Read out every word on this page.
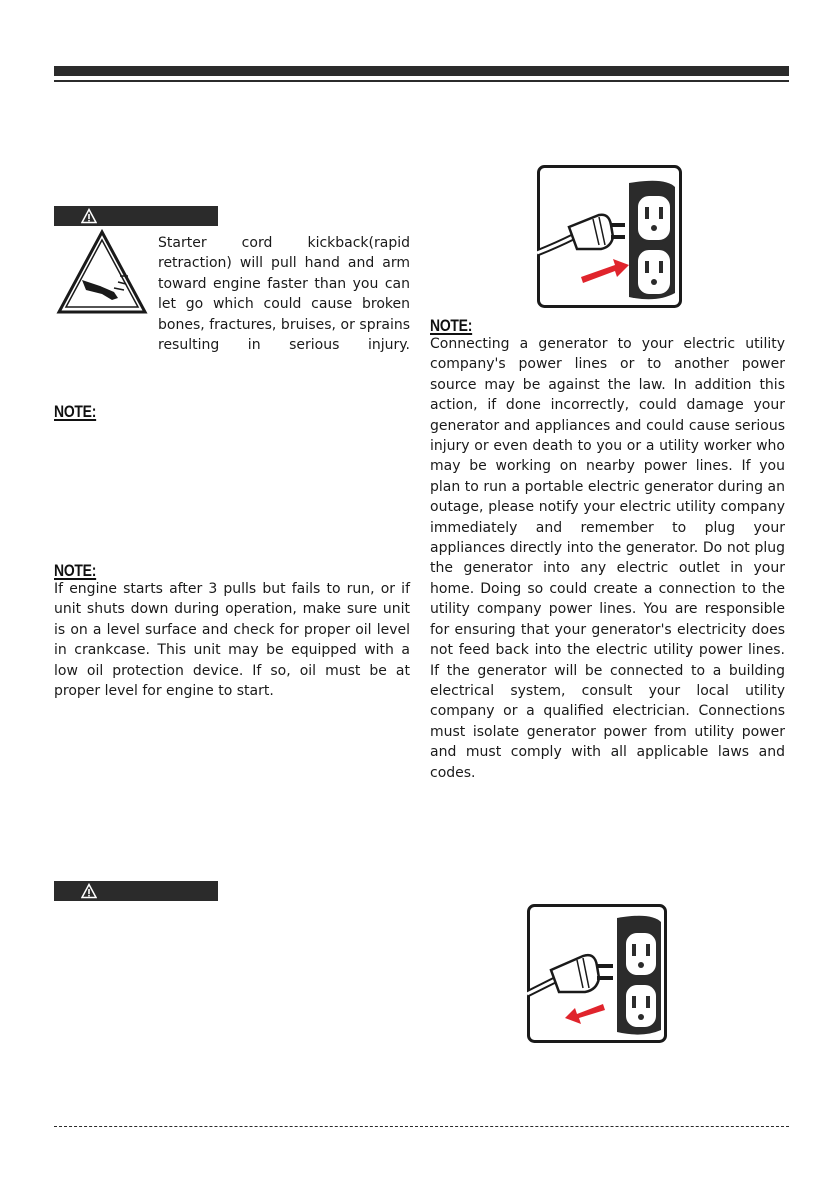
Starter cord kickback(rapid retraction) will pull hand and arm toward engine faster than you can let go which could cause broken bones, fractures, bruises, or sprains resulting in serious injury.
NOTE:
NOTE:
If engine starts after 3 pulls but fails to run, or if unit shuts down during operation, make sure unit is on a level surface and check for proper oil level in crankcase. This unit may be equipped with a low oil protection device. If so, oil must be at proper level for engine to start.
NOTE:
Connecting a generator to your electric utility company's power lines or to another power source may be against the law. In addition this action, if done incorrectly, could damage your generator and appliances and could cause serious injury or even death to you or a utility worker who may be working on nearby power lines. If you plan to run a portable electric generator during an outage, please notify your electric utility company immediately and remember to plug your appliances directly into the generator. Do not plug the generator into any electric outlet in your home. Doing so could create a connection to the utility company power lines. You are responsible for ensuring that your generator's electricity does not feed back into the electric utility power lines. If the generator will be connected to a building electrical system, consult your local utility company or a qualified electrician. Connections must isolate generator power from utility power and must comply with all applicable laws and codes.
